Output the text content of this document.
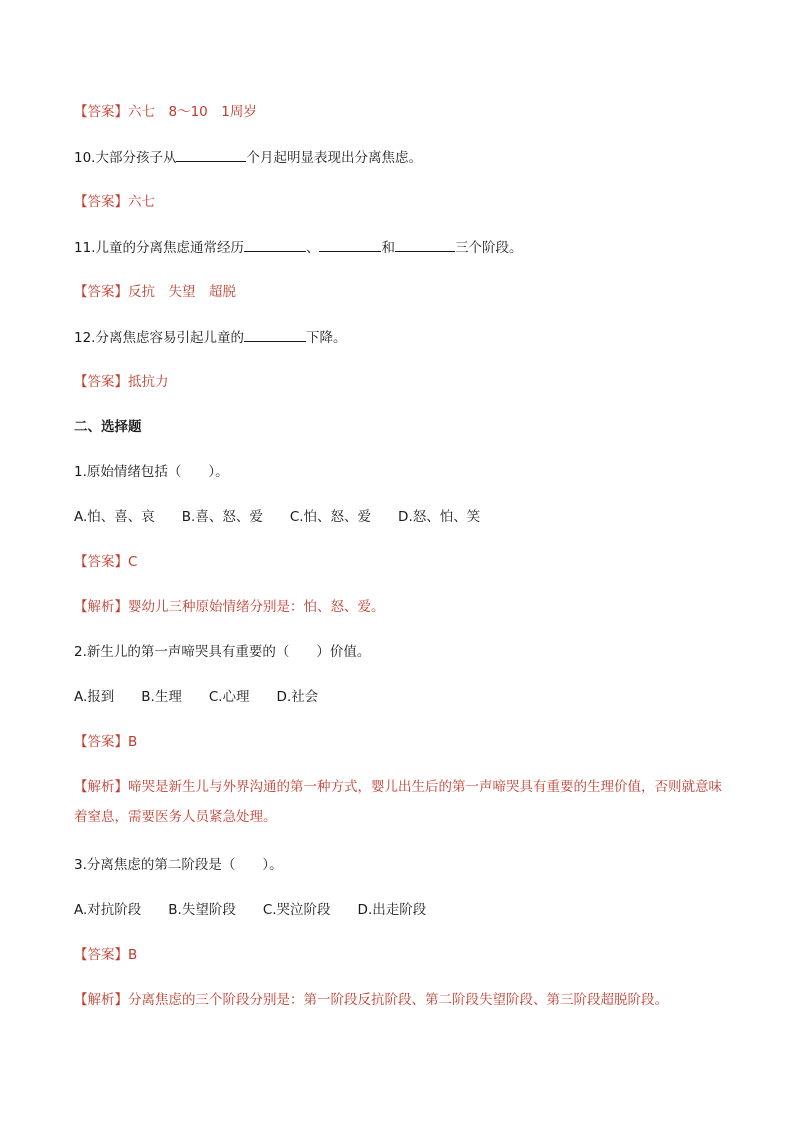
【答案】六七　8～10　1周岁
10.大部分孩子从	个月起明显表现出分离焦虑。
【答案】六七
11.儿童的分离焦虑通常经历	、	和	三个阶段。
【答案】反抗　失望　超脱
12.分离焦虑容易引起儿童的	下降。
【答案】抵抗力
二、选择题
1.原始情绪包括（　　）。
A.怕、喜、哀　　B.喜、怒、爱　　C.怕、怒、爱　　D.怒、怕、笑
【答案】C
【解析】婴幼儿三种原始情绪分别是：怕、怒、爱。
2.新生儿的第一声啼哭具有重要的（　　）价值。
A.报到　　B.生理　　C.心理　　D.社会
【答案】B
【解析】啼哭是新生儿与外界沟通的第一种方式，婴儿出生后的第一声啼哭具有重要的生理价值，否则就意味着窒息，需要医务人员紧急处理。
3.分离焦虑的第二阶段是（　　）。
A.对抗阶段　　B.失望阶段　　C.哭泣阶段　　D.出走阶段
【答案】B
【解析】分离焦虑的三个阶段分别是：第一阶段反抗阶段、第二阶段失望阶段、第三阶段超脱阶段。
